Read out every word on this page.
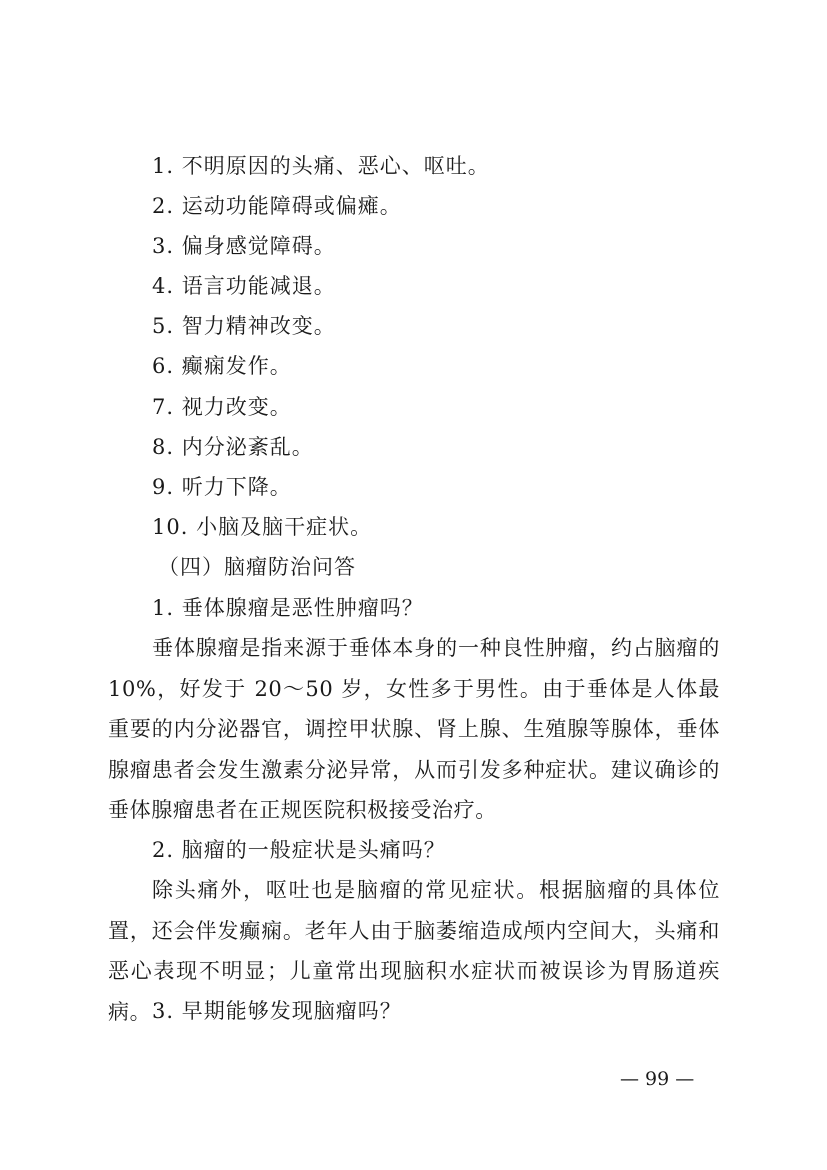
1. 不明原因的头痛、恶心、呕吐。
2. 运动功能障碍或偏瘫。
3. 偏身感觉障碍。
4. 语言功能减退。
5. 智力精神改变。
6. 癫痫发作。
7. 视力改变。
8. 内分泌紊乱。
9. 听力下降。
10. 小脑及脑干症状。
（四）脑瘤防治问答
1. 垂体腺瘤是恶性肿瘤吗？
垂体腺瘤是指来源于垂体本身的一种良性肿瘤，约占脑瘤的10%，好发于 20～50 岁，女性多于男性。由于垂体是人体最重要的内分泌器官，调控甲状腺、肾上腺、生殖腺等腺体，垂体腺瘤患者会发生激素分泌异常，从而引发多种症状。建议确诊的垂体腺瘤患者在正规医院积极接受治疗。
2. 脑瘤的一般症状是头痛吗？
除头痛外，呕吐也是脑瘤的常见症状。根据脑瘤的具体位置，还会伴发癫痫。老年人由于脑萎缩造成颅内空间大，头痛和恶心表现不明显；儿童常出现脑积水症状而被误诊为胃肠道疾病。 3. 早期能够发现脑瘤吗？
— 99 —
